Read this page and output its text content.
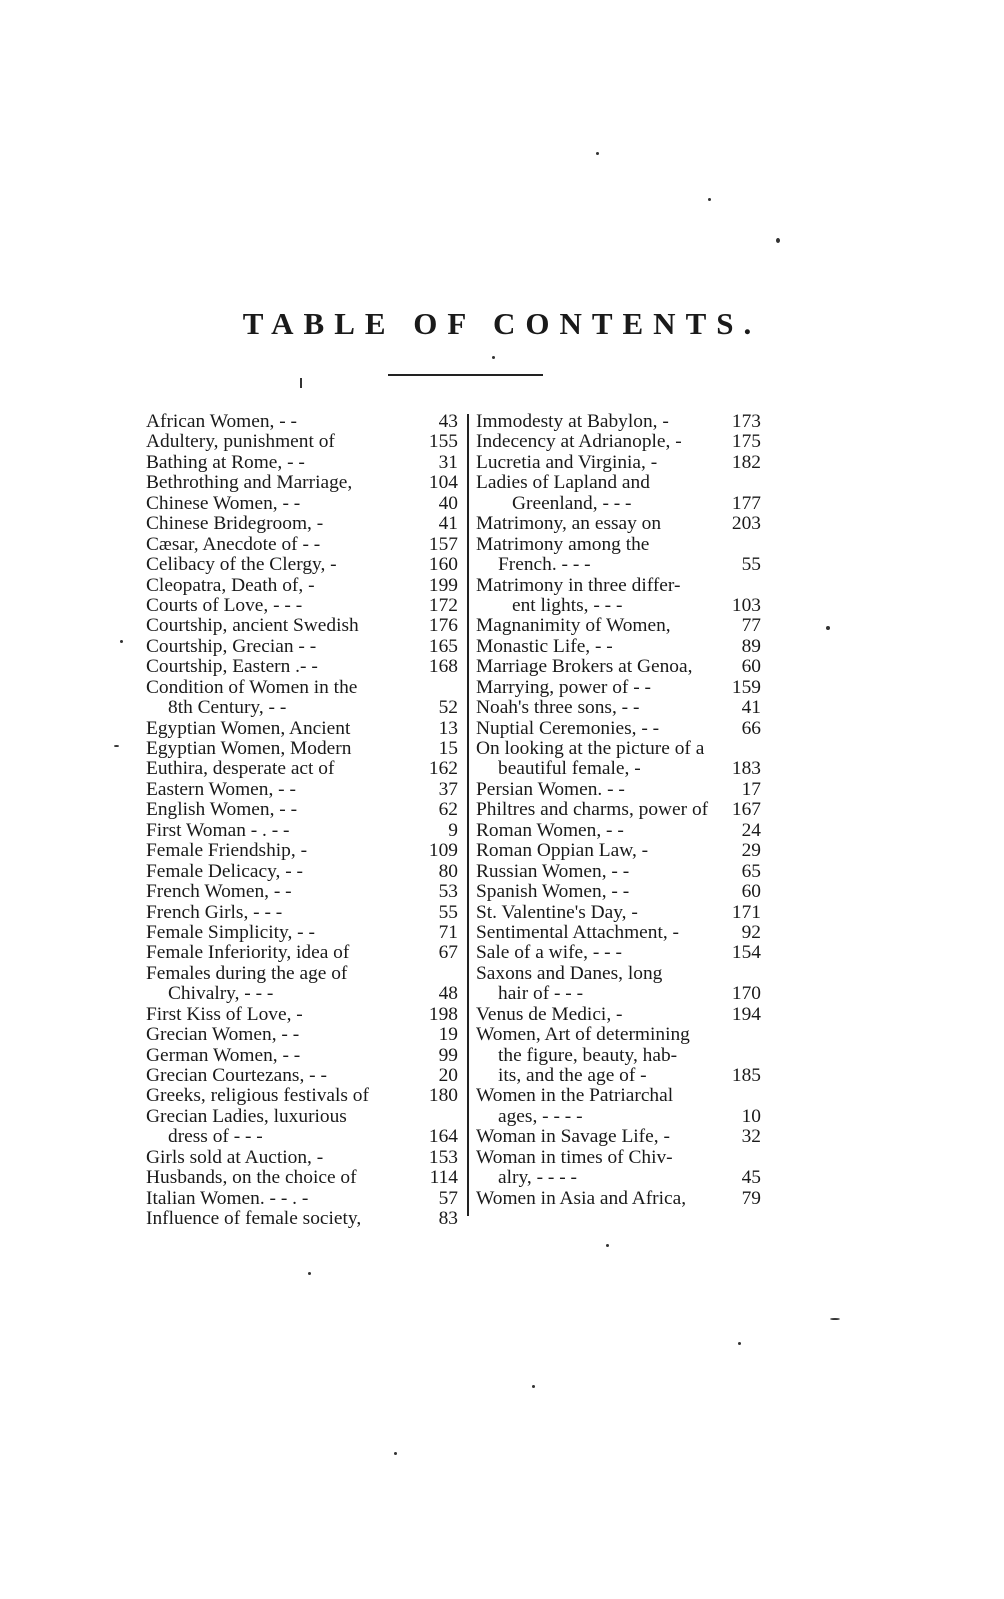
TABLE OF CONTENTS.
African Women, - -	43
Adultery, punishment of	155
Bathing at Rome, - -	31
Bethrothing and Marriage,	104
Chinese Women, - -	40
Chinese Bridegroom, -	41
Cæsar, Anecdote of - -	157
Celibacy of the Clergy, -	160
Cleopatra, Death of, -	199
Courts of Love, - - -	172
Courtship, ancient Swedish	176
Courtship, Grecian - -	165
Courtship, Eastern .- -	168
Condition of Women in the
8th Century, - -	52
Egyptian Women, Ancient	13
Egyptian Women, Modern	15
Euthira, desperate act of	162
Eastern Women, - -	37
English Women, - -	62
First Woman - . - -	9
Female Friendship, -	109
Female Delicacy, - -	80
French Women, - -	53
French Girls, - - -	55
Female Simplicity, - -	71
Female Inferiority, idea of	67
Females during the age of
Chivalry, - - -	48
First Kiss of Love, -	198
Grecian Women, - -	19
German Women, - -	99
Grecian Courtezans, - -	20
Greeks, religious festivals of	180
Grecian Ladies, luxurious
dress of - - -	164
Girls sold at Auction, -	153
Husbands, on the choice of	114
Italian Women. - - . -	57
Influence of female society,	83
Immodesty at Babylon, -	173
Indecency at Adrianople, -	175
Lucretia and Virginia, -	182
Ladies of Lapland and
Greenland, - - -	177
Matrimony, an essay on	203
Matrimony among the
French. - - -	55
Matrimony in three differ-
ent lights, - - -	103
Magnanimity of Women,	77
Monastic Life, - -	89
Marriage Brokers at Genoa,	60
Marrying, power of - -	159
Noah's three sons, - -	41
Nuptial Ceremonies, - -	66
On looking at the picture of a
beautiful female, -	183
Persian Women. - -	17
Philtres and charms, power of	167
Roman Women, - -	24
Roman Oppian Law, -	29
Russian Women, - -	65
Spanish Women, - -	60
St. Valentine's Day, -	171
Sentimental Attachment, -	92
Sale of a wife, - - -	154
Saxons and Danes, long
hair of - - -	170
Venus de Medici, -	194
Women, Art of determining
the figure, beauty, hab-
its, and the age of -	185
Women in the Patriarchal
ages, - - - -	10
Woman in Savage Life, -	32
Woman in times of Chiv-
alry, - - - -	45
Women in Asia and Africa,	79
